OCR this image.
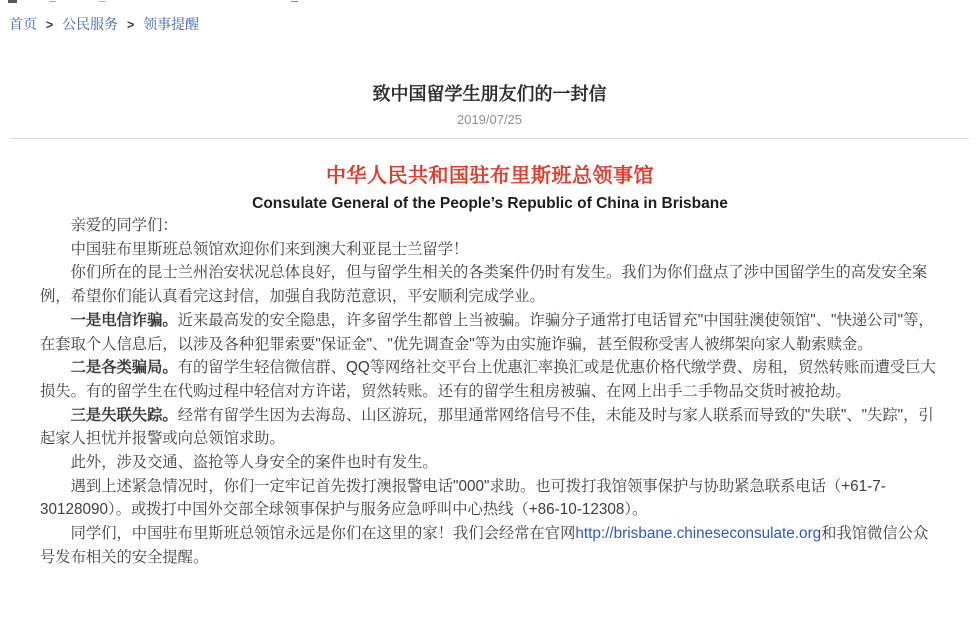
首页 > 公民服务 > 领事提醒
致中国留学生朋友们的一封信
2019/07/25
中华人民共和国驻布里斯班总领事馆
Consulate General of the People’s Republic of China in Brisbane

亲爱的同学们：

中国驻布里斯班总领馆欢迎你们来到澳大利亚昆士兰留学！

你们所在的昆士兰州治安状况总体良好，但与留学生相关的各类案件仍时有发生。我们为你们盘点了涉中国留学生的高发安全案例，希望你们能认真看完这封信，加强自我防范意识，平安顺利完成学业。

一是电信诈骗。近来最高发的安全隐患，许多留学生都曾上当被骗。诈骗分子通常打电话冒充"中国驻澳使领馆"、"快递公司"等，在套取个人信息后，以涉及各种犯罪索要"保证金"、"优先调查金"等为由实施诈骗，甚至假称受害人被绑架向家人勒索赎金。

二是各类骗局。有的留学生轻信微信群、QQ等网络社交平台上优惠汇率换汇或是优惠价格代缴学费、房租，贸然转账而遭受巨大损失。有的留学生在代购过程中轻信对方许诺，贸然转账。还有的留学生租房被骗、在网上出手二手物品交货时被抢劫。

三是失联失踪。经常有留学生因为去海岛、山区游玩，那里通常网络信号不佳，未能及时与家人联系而导致的"失联"、"失踪"，引起家人担忧并报警或向总领馆求助。

此外，涉及交通、盗抢等人身安全的案件也时有发生。

遇到上述紧急情况时，你们一定牢记首先拨打澳报警电话"000"求助。也可拨打我馆领事保护与协助紧急联系电话（+61-7-30128090）。或拨打中国外交部全球领事保护与服务应急呼叫中心热线（+86-10-12308）。

同学们，中国驻布里斯班总领馆永远是你们在这里的家！我们会经常在官网http://brisbane.chineseconsulate.org和我馆微信公众号发布相关的安全提醒。
